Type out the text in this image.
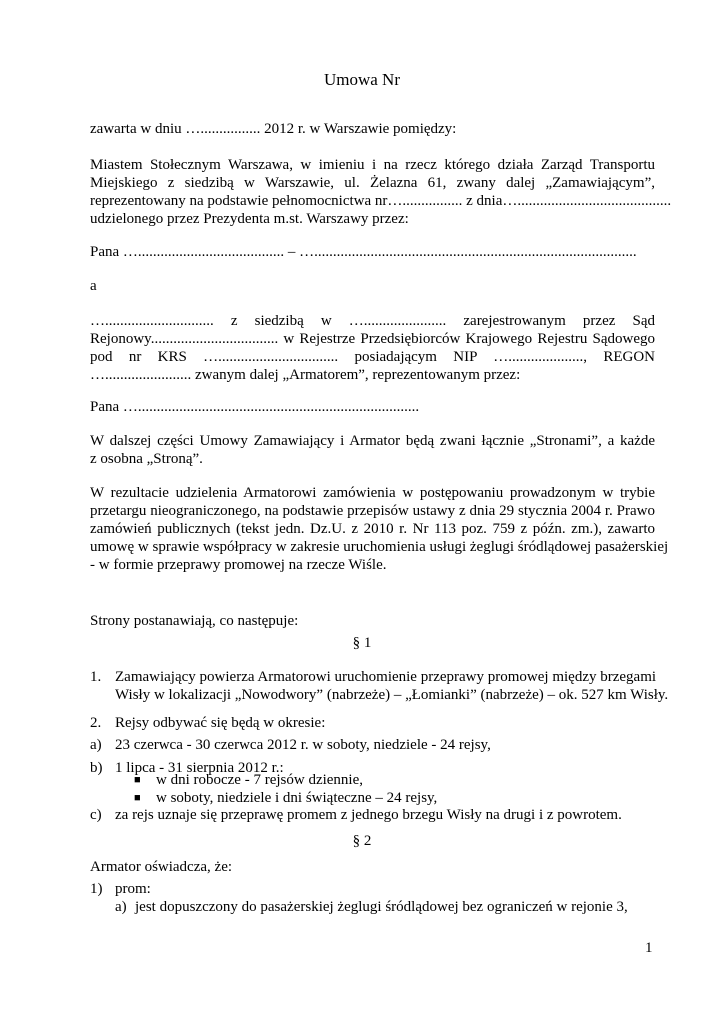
Umowa Nr
zawarta w dniu …................ 2012 r. w Warszawie pomiędzy:
Miastem Stołecznym Warszawa, w imieniu i na rzecz którego działa Zarząd Transportu
Miejskiego z siedzibą w Warszawie, ul. Żelazna 61, zwany dalej „Zamawiającym”,
reprezentowany na podstawie pełnomocnictwa nr…................ z dnia….........................................
udzielonego przez Prezydenta m.st. Warszawy przez:
Pana …....................................... – …......................................................................................
a
…............................. z siedzibą w …...................... zarejestrowanym przez Sąd
Rejonowy.................................. w Rejestrze Przedsiębiorców Krajowego Rejestru Sądowego
pod nr KRS …................................ posiadającym NIP …...................., REGON
…....................... zwanym dalej „Armatorem”, reprezentowanym przez:
Pana …...........................................................................
W dalszej części Umowy Zamawiający i Armator będą zwani łącznie „Stronami”, a każde
z osobna „Stroną”.
W rezultacie udzielenia Armatorowi zamówienia w postępowaniu prowadzonym w trybie
przetargu nieograniczonego, na podstawie przepisów ustawy z dnia 29 stycznia 2004 r. Prawo
zamówień publicznych (tekst jedn. Dz.U. z 2010 r. Nr 113 poz. 759 z późn. zm.), zawarto
umowę w sprawie współpracy w zakresie uruchomienia usługi żeglugi śródlądowej pasażerskiej
- w formie przeprawy promowej na rzecze Wiśle.
Strony postanawiają, co następuje:
§ 1
1. Zamawiający powierza Armatorowi uruchomienie przeprawy promowej między brzegami
Wisły w lokalizacji „Nowodwory” (nabrzeże) – „Łomianki” (nabrzeże) – ok. 527 km Wisły.
2. Rejsy odbywać się będą w okresie:
a) 23 czerwca - 30 czerwca 2012 r. w soboty, niedziele - 24 rejsy,
b) 1 lipca - 31 sierpnia 2012 r.:
■ w dni robocze - 7 rejsów dziennie,
■ w soboty, niedziele i dni świąteczne – 24 rejsy,
c) za rejs uznaje się przeprawę promem z jednego brzegu Wisły na drugi i z powrotem.
§ 2
Armator oświadcza, że:
1) prom:
a) jest dopuszczony do pasażerskiej żeglugi śródlądowej bez ograniczeń w rejonie 3,
1
